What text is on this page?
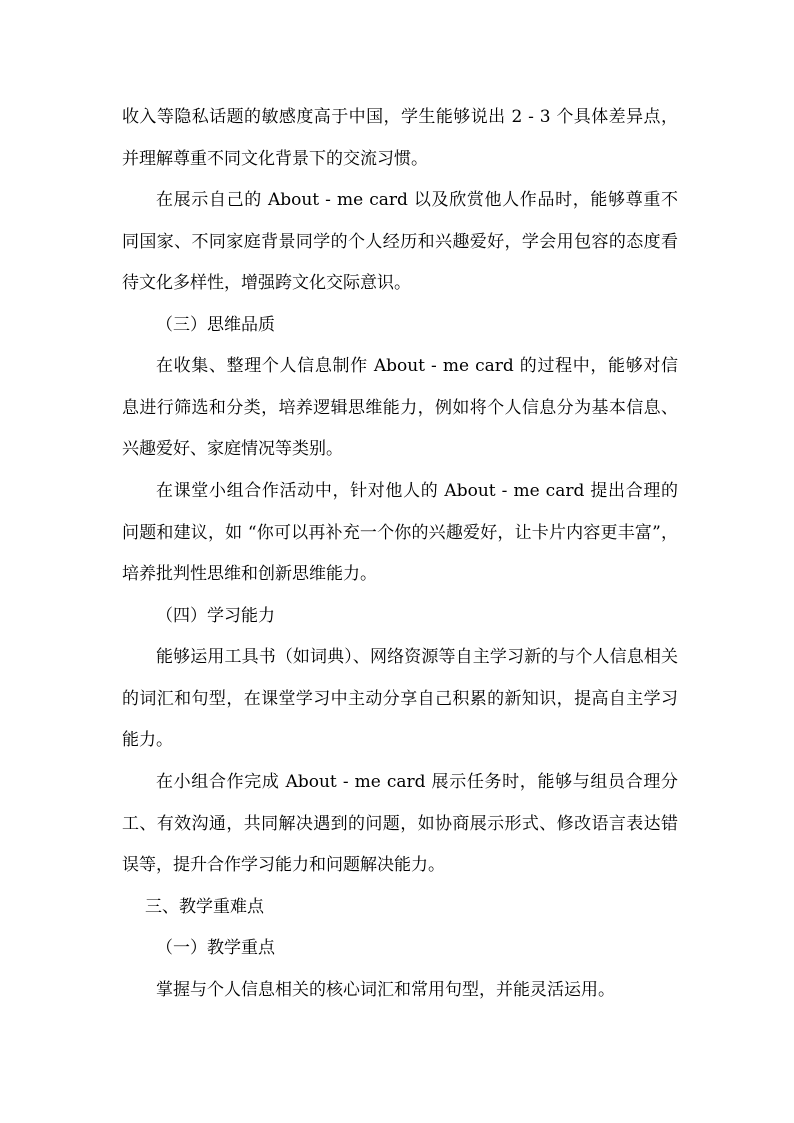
收入等隐私话题的敏感度高于中国，学生能够说出 2 - 3 个具体差异点，并理解尊重不同文化背景下的交流习惯。

在展示自己的 About - me card 以及欣赏他人作品时，能够尊重不同国家、不同家庭背景同学的个人经历和兴趣爱好，学会用包容的态度看待文化多样性，增强跨文化交际意识。

（三）思维品质

在收集、整理个人信息制作 About - me card 的过程中，能够对信息进行筛选和分类，培养逻辑思维能力，例如将个人信息分为基本信息、兴趣爱好、家庭情况等类别。

在课堂小组合作活动中，针对他人的 About - me card 提出合理的问题和建议，如 “你可以再补充一个你的兴趣爱好，让卡片内容更丰富”，培养批判性思维和创新思维能力。

（四）学习能力

能够运用工具书（如词典）、网络资源等自主学习新的与个人信息相关的词汇和句型，在课堂学习中主动分享自己积累的新知识，提高自主学习能力。

在小组合作完成 About - me card 展示任务时，能够与组员合理分工、有效沟通，共同解决遇到的问题，如协商展示形式、修改语言表达错误等，提升合作学习能力和问题解决能力。

三、教学重难点

（一）教学重点

掌握与个人信息相关的核心词汇和常用句型，并能灵活运用。
